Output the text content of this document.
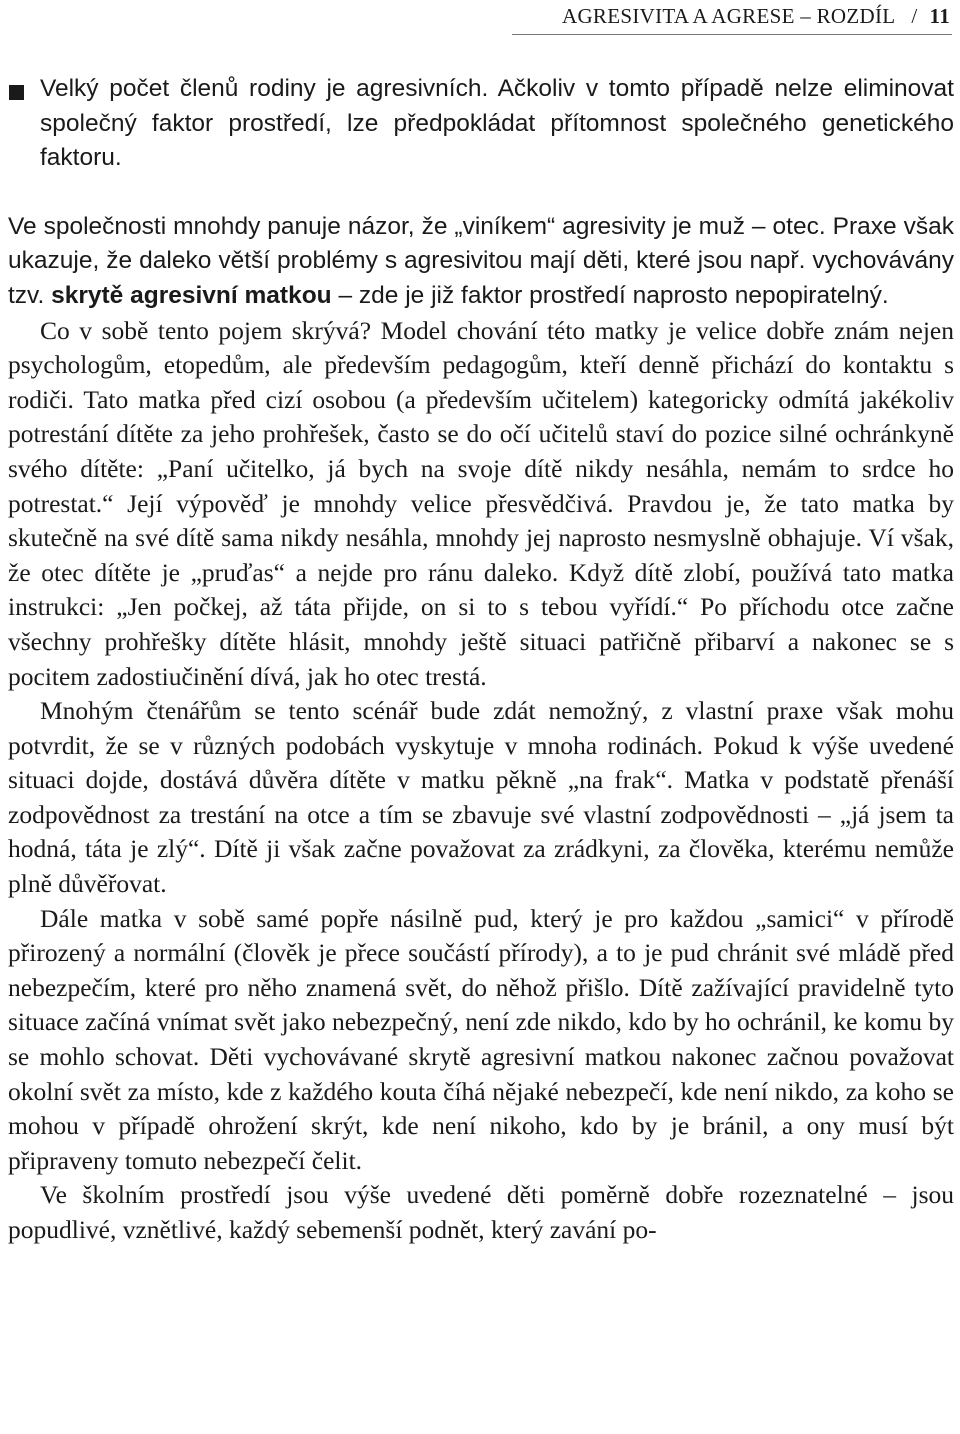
AGRESIVITA A AGRESE – ROZDÍL / 11

Velký počet členů rodiny je agresivních. Ačkoliv v tomto případě nelze eliminovat společný faktor prostředí, lze předpokládat přítomnost společného genetického faktoru.

Ve společnosti mnohdy panuje názor, že „viníkem“ agresivity je muž – otec. Praxe však ukazuje, že daleko větší problémy s agresivitou mají děti, které jsou např. vychovávány tzv. skrytě agresivní matkou – zde je již faktor prostředí naprosto nepopiratelný.

Co v sobě tento pojem skrývá? Model chování této matky je velice dobře znám nejen psychologům, etopedům, ale především pedagogům, kteří denně přichází do kontaktu s rodiči. Tato matka před cizí osobou (a především učitelem) kategoricky odmítá jakékoliv potrestání dítěte za jeho prohřešek, často se do očí učitelů staví do pozice silné ochránkyně svého dítěte: „Paní učitelko, já bych na svoje dítě nikdy nesáhla, nemám to srdce ho potrestat.“ Její výpověď je mnohdy velice přesvědčivá. Pravdou je, že tato matka by skutečně na své dítě sama nikdy nesáhla, mnohdy jej naprosto nesmyslně obhajuje. Ví však, že otec dítěte je „pruďas“ a nejde pro ránu daleko. Když dítě zlobí, používá tato matka instrukci: „Jen počkej, až táta přijde, on si to s tebou vyřídí.“ Po příchodu otce začne všechny prohřešky dítěte hlásit, mnohdy ještě situaci patřičně přibarví a nakonec se s pocitem zadostiučinění dívá, jak ho otec trestá.

Mnohým čtenářům se tento scénář bude zdát nemožný, z vlastní praxe však mohu potvrdit, že se v různých podobách vyskytuje v mnoha rodinách. Pokud k výše uvedené situaci dojde, dostává důvěra dítěte v matku pěkně „na frak“. Matka v podstatě přenáší zodpovědnost za trestání na otce a tím se zbavuje své vlastní zodpovědnosti – „já jsem ta hodná, táta je zlý“. Dítě ji však začne považovat za zrádkyni, za člověka, kterému nemůže plně důvěřovat.

Dále matka v sobě samé popře násilně pud, který je pro každou „samici“ v přírodě přirozený a normální (člověk je přece součástí přírody), a to je pud chránit své mládě před nebezpečím, které pro něho znamená svět, do něhož přišlo. Dítě zažívající pravidelně tyto situace začíná vnímat svět jako nebezpečný, není zde nikdo, kdo by ho ochránil, ke komu by se mohlo schovat. Děti vychovávané skrytě agresivní matkou nakonec začnou považovat okolní svět za místo, kde z každého kouta číhá nějaké nebezpečí, kde není nikdo, za koho se mohou v případě ohrožení skrýt, kde není nikoho, kdo by je bránil, a ony musí být připraveny tomuto nebezpečí čelit.

Ve školním prostředí jsou výše uvedené děti poměrně dobře rozeznatelné – jsou popudlivé, vznětlivé, každý sebemenší podnět, který zavání po-
